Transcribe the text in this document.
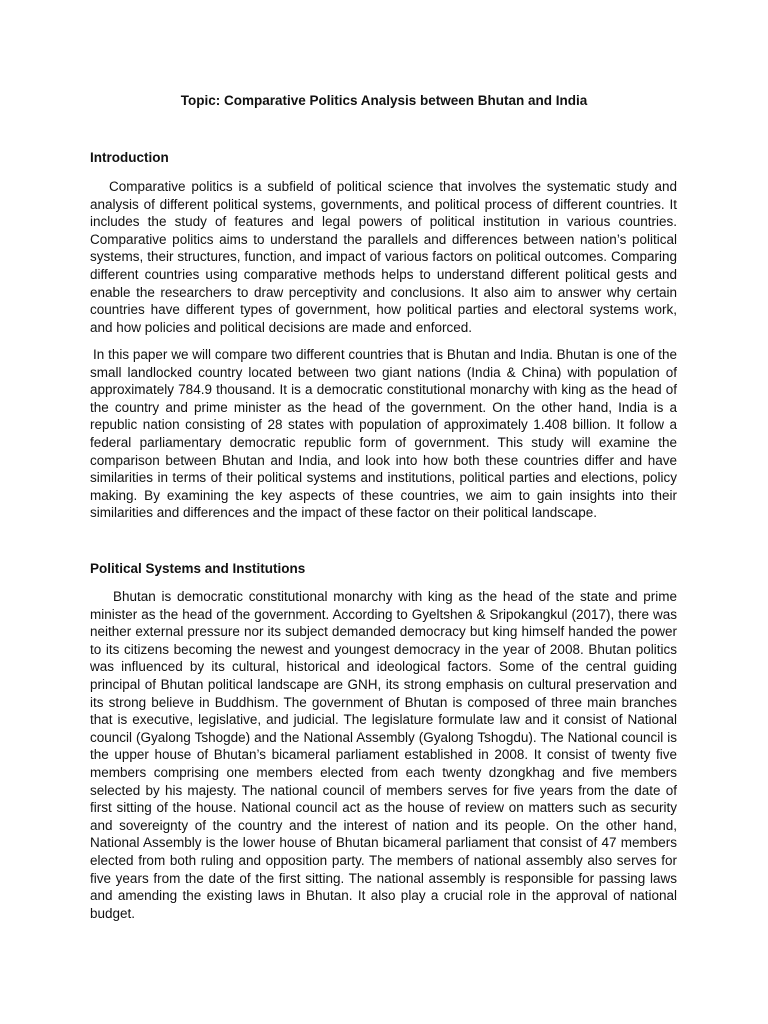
Topic: Comparative Politics Analysis between Bhutan and India
Introduction

Comparative politics is a subfield of political science that involves the systematic study and analysis of different political systems, governments, and political process of different countries. It includes the study of features and legal powers of political institution in various countries. Comparative politics aims to understand the parallels and differences between nation’s political systems, their structures, function, and impact of various factors on political outcomes. Comparing different countries using comparative methods helps to understand different political gests and enable the researchers to draw perceptivity and conclusions. It also aim to answer why certain countries have different types of government, how political parties and electoral systems work, and how policies and political decisions are made and enforced.

In this paper we will compare two different countries that is Bhutan and India. Bhutan is one of the small landlocked country located between two giant nations (India & China) with population of approximately 784.9 thousand. It is a democratic constitutional monarchy with king as the head of the country and prime minister as the head of the government. On the other hand, India is a republic nation consisting of 28 states with population of approximately 1.408 billion. It follow a federal parliamentary democratic republic form of government. This study will examine the comparison between Bhutan and India, and look into how both these countries differ and have similarities in terms of their political systems and institutions, political parties and elections, policy making. By examining the key aspects of these countries, we aim to gain insights into their similarities and differences and the impact of these factor on their political landscape.

Political Systems and Institutions

Bhutan is democratic constitutional monarchy with king as the head of the state and prime minister as the head of the government. According to Gyeltshen & Sripokangkul (2017), there was neither external pressure nor its subject demanded democracy but king himself handed the power to its citizens becoming the newest and youngest democracy in the year of 2008. Bhutan politics was influenced by its cultural, historical and ideological factors. Some of the central guiding principal of Bhutan political landscape are GNH, its strong emphasis on cultural preservation and its strong believe in Buddhism. The government of Bhutan is composed of three main branches that is executive, legislative, and judicial. The legislature formulate law and it consist of National council (Gyalong Tshogde) and the National Assembly (Gyalong Tshogdu). The National council is the upper house of Bhutan’s bicameral parliament established in 2008. It consist of twenty five members comprising one members elected from each twenty dzongkhag and five members selected by his majesty. The national council of members serves for five years from the date of first sitting of the house. National council act as the house of review on matters such as security and sovereignty of the country and the interest of nation and its people. On the other hand, National Assembly is the lower house of Bhutan bicameral parliament that consist of 47 members elected from both ruling and opposition party. The members of national assembly also serves for five years from the date of the first sitting. The national assembly is responsible for passing laws and amending the existing laws in Bhutan. It also play a crucial role in the approval of national budget.
